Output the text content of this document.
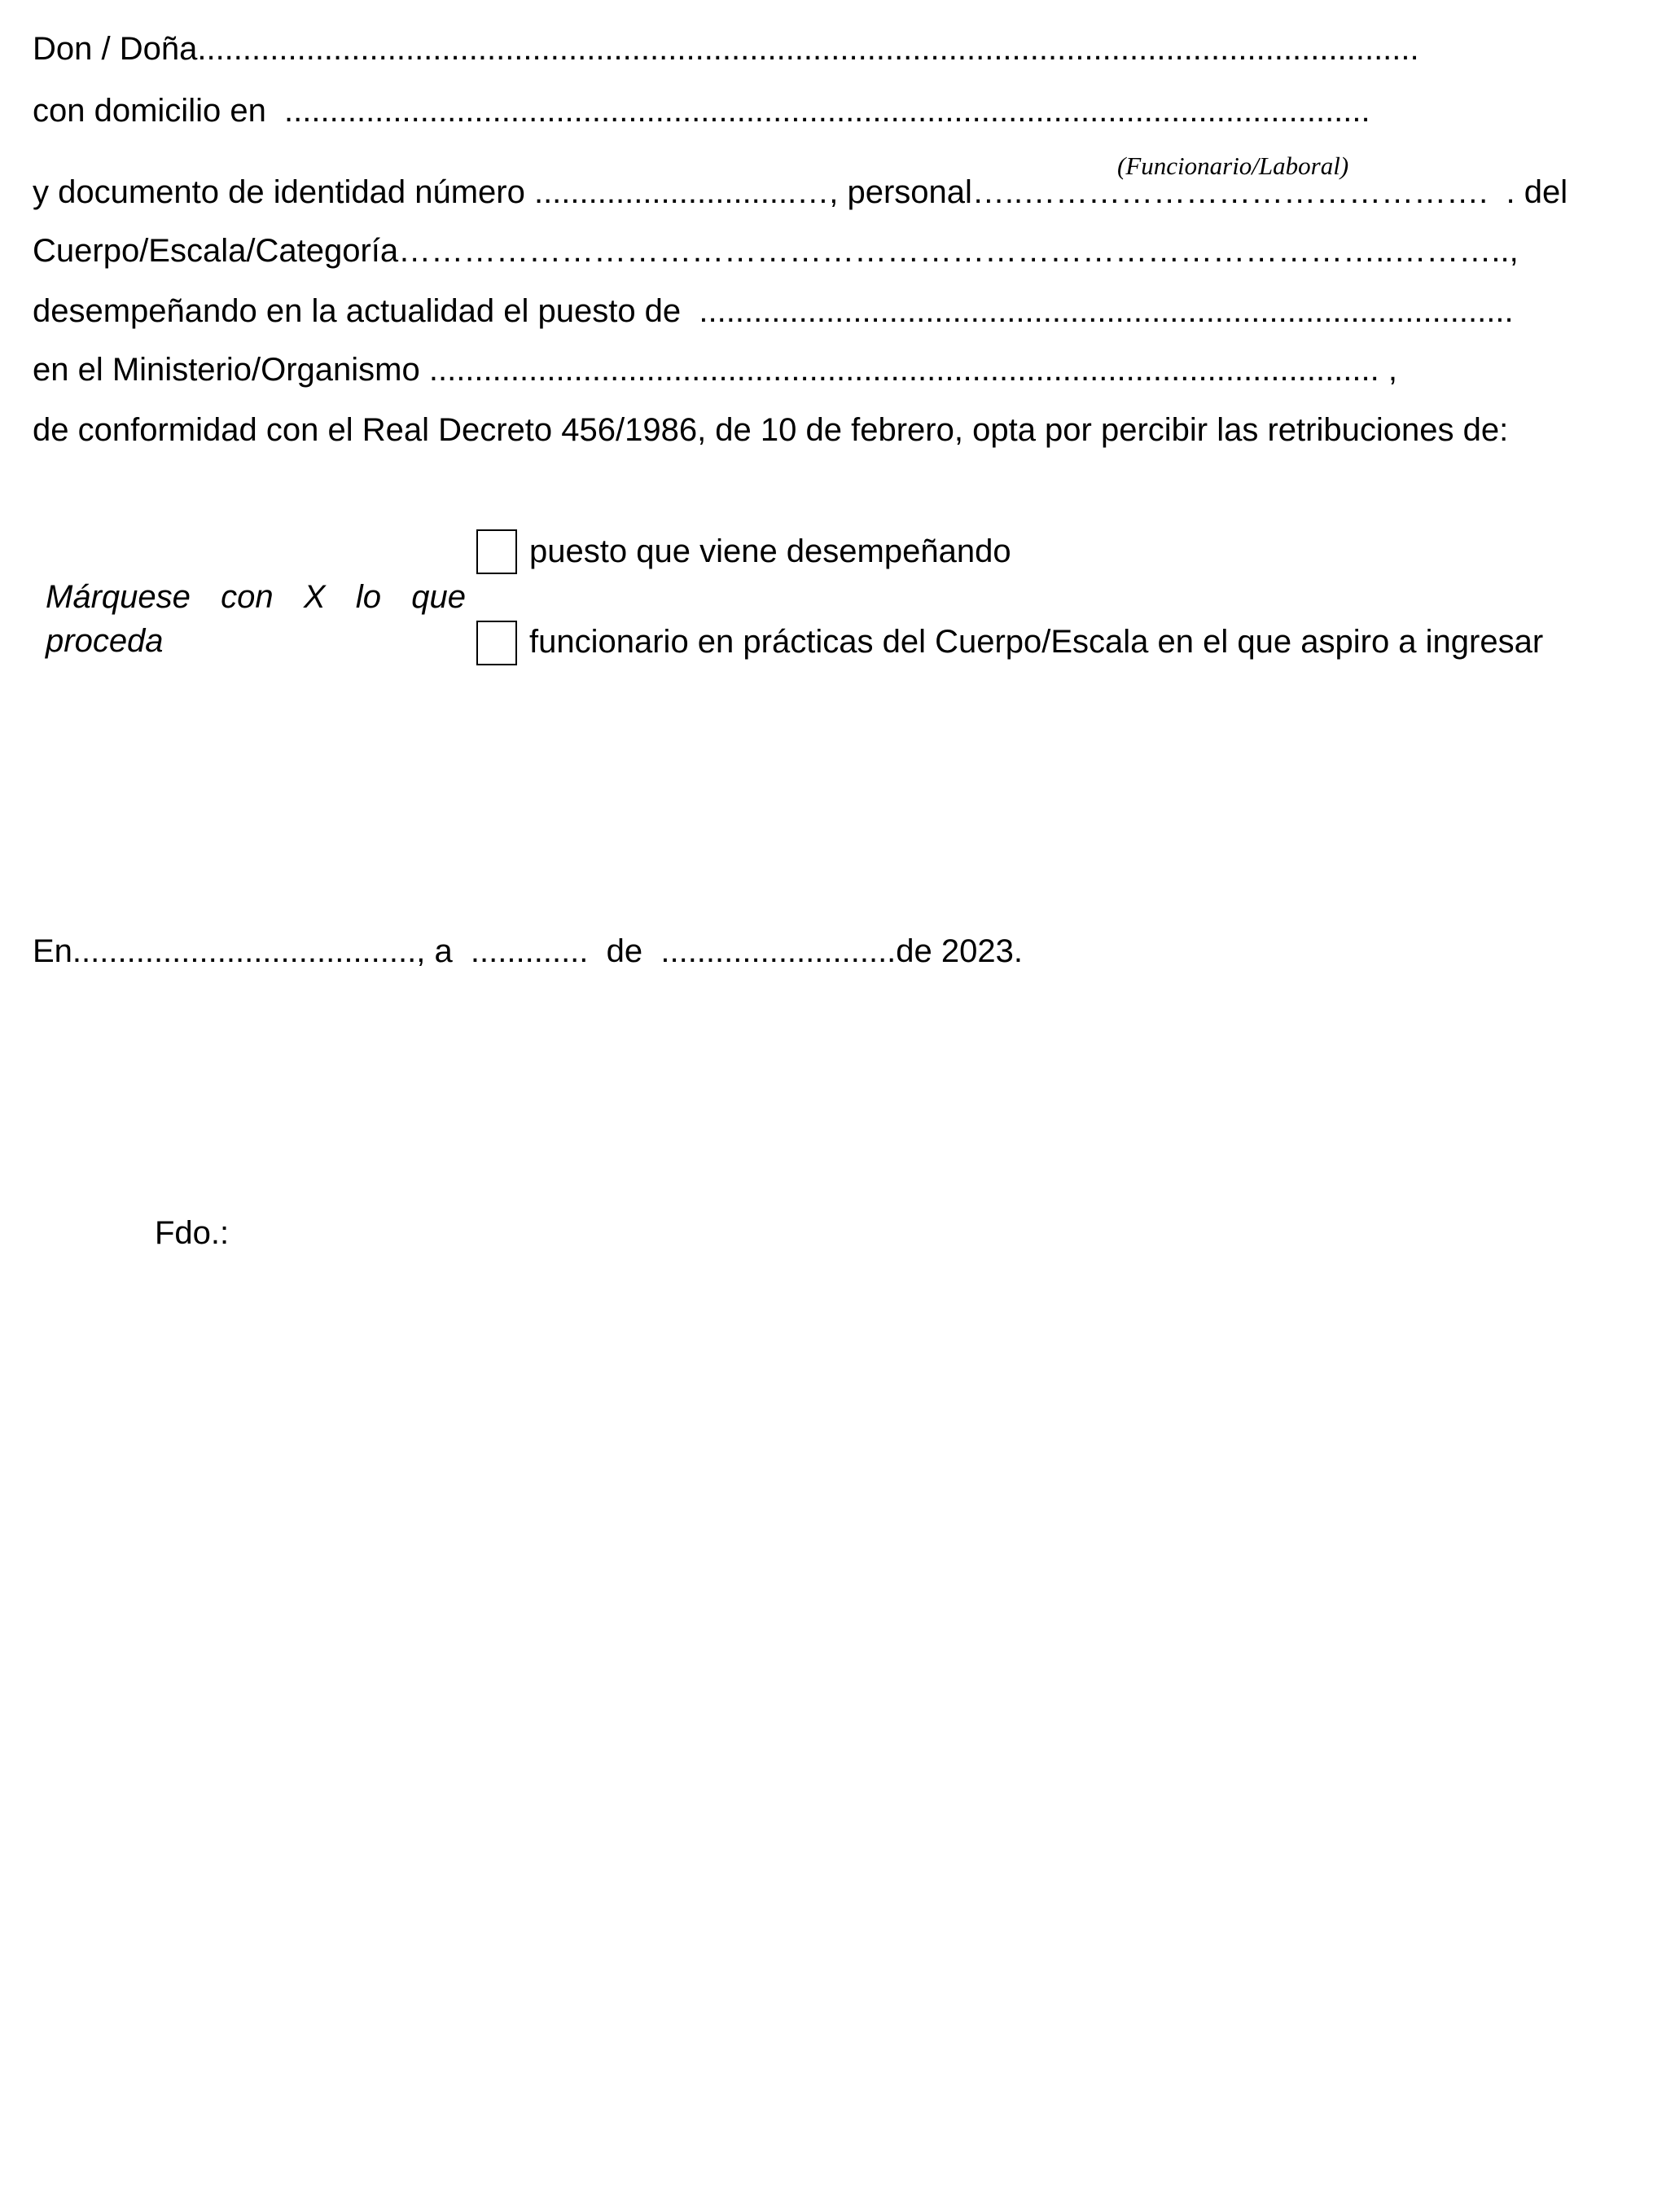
Don / Doña.......................................................................................................................................
con domicilio en  ........................................................................................................................
(Funcionario/Laboral)
y documento de identidad número .............................…, personal…..…………………………………….  . del
Cuerpo/Escala/Categoría………………………………………………………………………………..………..,
desempeñando en la actualidad el puesto de  ..........................................................................................
en el Ministerio/Organismo ......................................................................................................... ,
de conformidad con el Real Decreto 456/1986, de 10 de febrero, opta por percibir las retribuciones de:
Márquese con X lo que proceda
puesto que viene desempeñando
funcionario en prácticas del Cuerpo/Escala en el que aspiro a ingresar
En......................................, a  .............  de  ..........................de 2023.
Fdo.:
